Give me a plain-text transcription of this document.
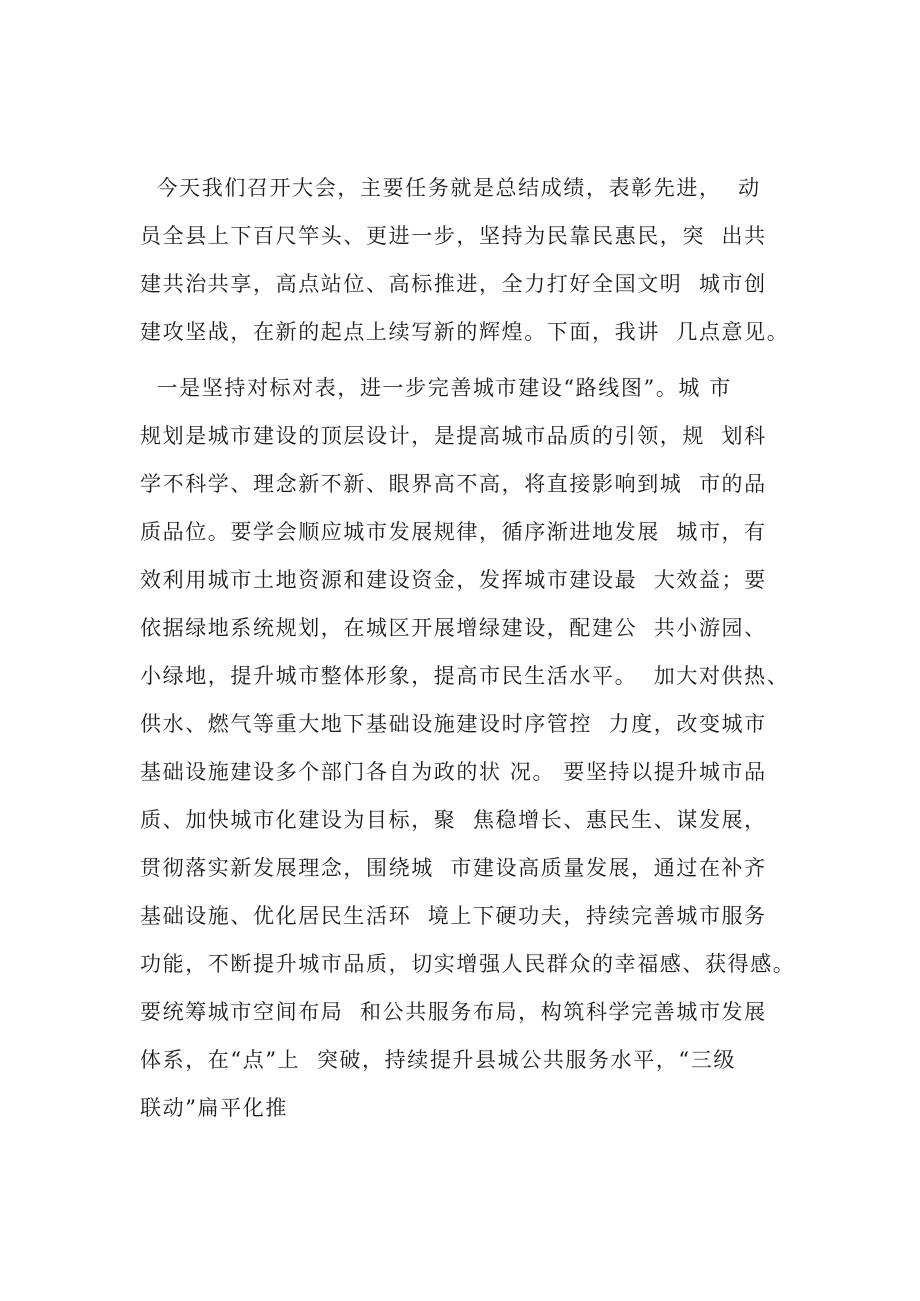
今天我们召开大会，主要任务就是总结成绩，表彰先进，  动
员全县上下百尺竿头、更进一步，坚持为民靠民惠民，突  出共
建共治共享，高点站位、高标推进，全力打好全国文明  城市创
建攻坚战，在新的起点上续写新的辉煌。下面，我讲  几点意见。
一是坚持对标对表，进一步完善城市建设“路线图”。城 市
规划是城市建设的顶层设计，是提高城市品质的引领，规  划科
学不科学、理念新不新、眼界高不高，将直接影响到城  市的品
质品位。要学会顺应城市发展规律，循序渐进地发展  城市，有
效利用城市土地资源和建设资金，发挥城市建设最  大效益；要
依据绿地系统规划，在城区开展增绿建设，配建公  共小游园、
小绿地，提升城市整体形象，提高市民生活水平。  加大对供热、
供水、燃气等重大地下基础设施建设时序管控  力度，改变城市
基础设施建设多个部门各自为政的状 况。 要坚持以提升城市品
质、加快城市化建设为目标，聚  焦稳增长、惠民生、谋发展，
贯彻落实新发展理念，围绕城  市建设高质量发展，通过在补齐
基础设施、优化居民生活环  境上下硬功夫，持续完善城市服务
功能，不断提升城市品质，切实增强人民群众的幸福感、获得感。
要统筹城市空间布局  和公共服务布局，构筑科学完善城市发展
体系，在“点”上  突破，持续提升县城公共服务水平，“三级
联动”扁平化推
